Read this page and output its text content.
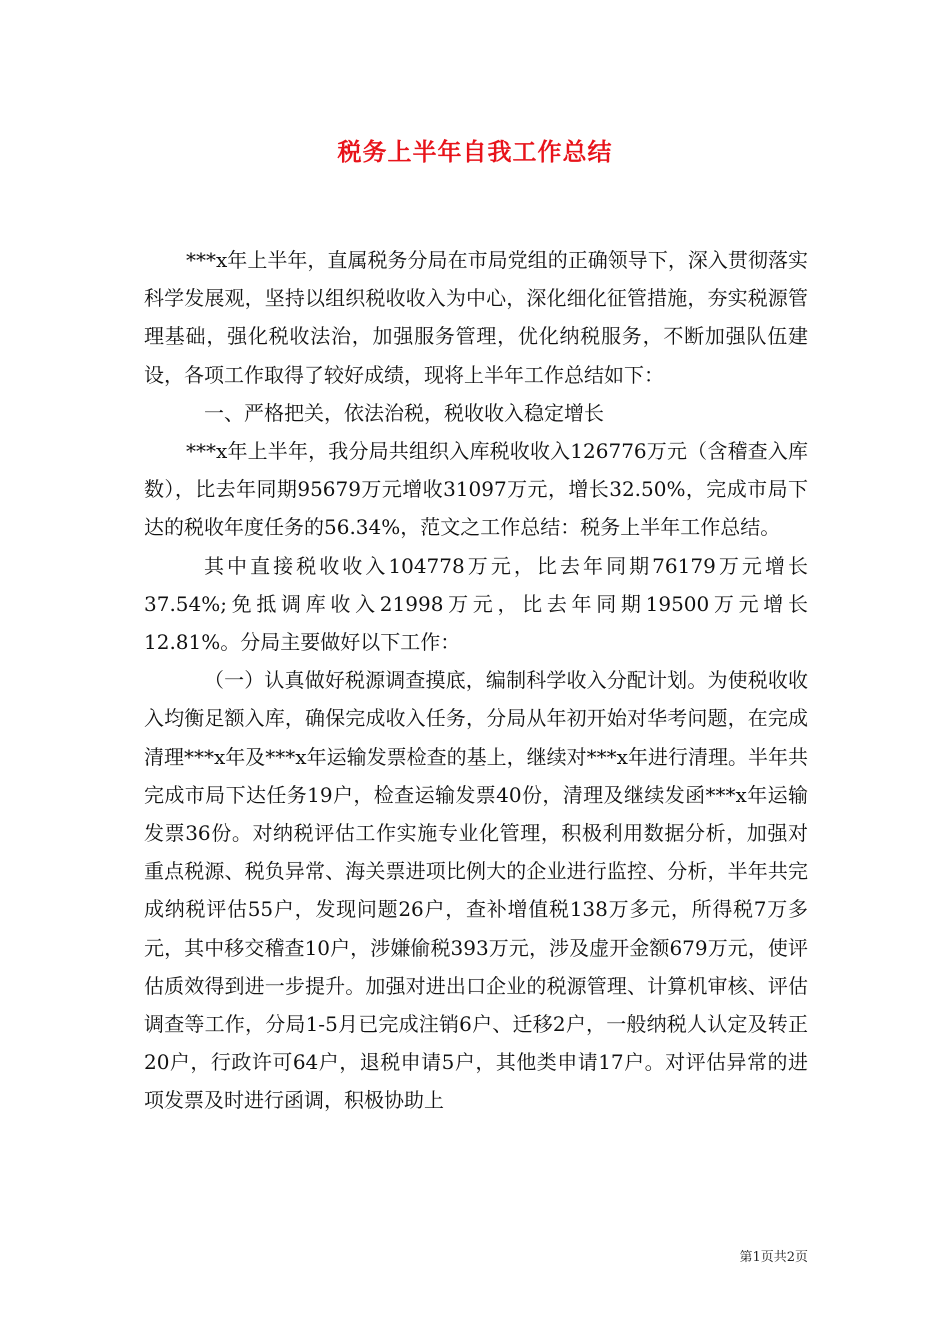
税务上半年自我工作总结

***x年上半年，直属税务分局在市局党组的正确领导下，深入贯彻落实科学发展观，坚持以组织税收收入为中心，深化细化征管措施，夯实税源管理基础，强化税收法治，加强服务管理，优化纳税服务，不断加强队伍建设，各项工作取得了较好成绩，现将上半年工作总结如下：

一、严格把关，依法治税，税收收入稳定增长

***x年上半年，我分局共组织入库税收收入126776万元（含稽查入库数），比去年同期95679万元增收31097万元，增长32.50%，完成市局下达的税收年度任务的56.34%，范文之工作总结：税务上半年工作总结。

其中直接税收收入104778万元，比去年同期76179万元增长37.54%;免抵调库收入21998万元，比去年同期19500万元增长12.81%。分局主要做好以下工作：

（一）认真做好税源调查摸底，编制科学收入分配计划。为使税收收入均衡足额入库，确保完成收入任务，分局从年初开始对华考问题，在完成清理***x年及***x年运输发票检查的基上，继续对***x年进行清理。半年共完成市局下达任务19户，检查运输发票40份，清理及继续发函***x年运输发票36份。对纳税评估工作实施专业化管理，积极利用数据分析，加强对重点税源、税负异常、海关票进项比例大的企业进行监控、分析，半年共完成纳税评估55户，发现问题26户，查补增值税138万多元，所得税7万多元，其中移交稽查10户，涉嫌偷税393万元，涉及虚开金额679万元，使评估质效得到进一步提升。加强对进出口企业的税源管理、计算机审核、评估调查等工作，分局1-5月已完成注销6户、迁移2户，一般纳税人认定及转正20户，行政许可64户，退税申请5户，其他类申请17户。对评估异常的进项发票及时进行函调，积极协助上

第1页共2页
